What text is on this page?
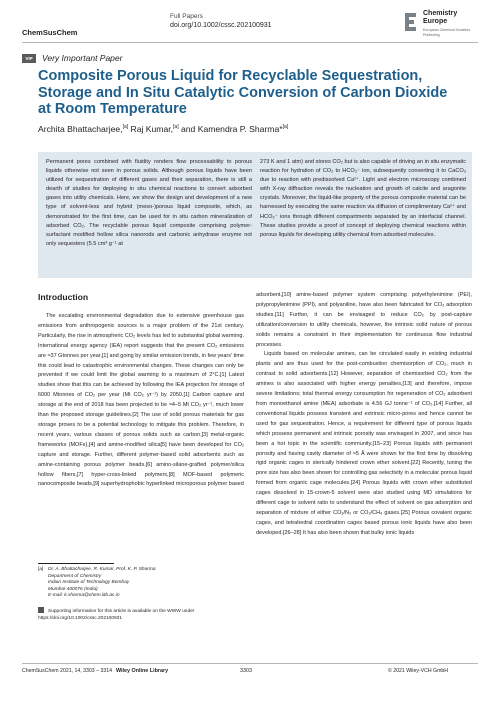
ChemSusChem
Full Papers
doi.org/10.1002/cssc.202100931
Chemistry
Europe
European Chemical Societies Publishing
VIP	Very Important Paper
Composite Porous Liquid for Recyclable Sequestration, Storage and In Situ Catalytic Conversion of Carbon Dioxide at Room Temperature
Archita Bhattacharjee,[a] Raj Kumar,[a] and Kamendra P. Sharma*[a]
Permanent pores combined with fluidity renders flow processability to porous liquids otherwise not seen in porous solids. Although porous liquids have been utilized for sequestration of different gases and their separation, there is still a dearth of studies for deploying in situ chemical reactions to convert adsorbed gases into utility chemicals. Here, we show the design and development of a new type of solvent-less and hybrid (meso-)porous liquid composite, which, as demonstrated for the first time, can be used for in situ carbon mineralization of adsorbed CO₂. The recyclable porous liquid composite comprising polymer-surfactant modified hollow silica nanorods and carbonic anhydrase enzyme not only sequesters (5.5 cm³ g⁻¹ at
273 K and 1 atm) and stores CO₂ but is also capable of driving an in situ enzymatic reaction for hydration of CO₂ to HCO₃⁻ ion, subsequently converting it to CaCO₃ due to reaction with predissolved Ca²⁺. Light and electron microscopy combined with X-ray diffraction reveals the nucleation and growth of calcite and aragonite crystals. Moreover, the liquid-like property of the porous composite material can be harnessed by executing the same reaction via diffusion of complimentary Ca²⁺ and HCO₃⁻ ions through different compartments separated by an interfacial channel. These studies provide a proof of concept of deploying chemical reactions within porous liquids for developing utility chemical from adsorbed molecules.
Introduction

The escalating environmental degradation due to extensive greenhouse gas emissions from anthropogenic sources is a major problem of the 21st century. Particularly, the rise in atmospheric CO₂ levels has led to substantial global warming. International energy agency (IEA) report suggests that the present CO₂ emissions are ≈37 Gtonnes per year,[1] and going by similar emission trends, in few years' time this could lead to catastrophic environmental changes. These changes can only be prevented if we could limit the global warming to a maximum of 2°C.[1] Latest studies show that this can be achieved by following the IEA projection for storage of 6000 Mtonnes of CO₂ per year (Mt CO₂ yr⁻¹) by 2050.[1] Carbon capture and storage at the end of 2018 has been projected to be ≈4–5 Mt CO₂ yr⁻¹, much lower than the proposed storage guidelines.[2] The use of solid porous materials for gas storage proves to be a potential technology to mitigate this problem. Therefore, in recent years, various classes of porous solids such as carbon,[3] metal-organic frameworks (MOFs),[4] and amine-modified silica[5] have been developed for CO₂ capture and storage. Further, different polymer-based solid adsorbents such as amine-containing porous polymer beads,[6] amino-silane-grafted polymer/silica hollow fibers,[7] hyper-cross-linked polymers,[8] MOF-based polymeric nanocomposite beads,[9] superhydrophobic hyperlinked microporous polymer based

adsorbent,[10] amine-based polymer system comprising polyethylenimine (PEI), polypropylenimine (PPI), and polyaniline, have also been fabricated for CO₂ adsorption studies.[11] Further, it can be envisaged to reduce CO₂ by post-capture utilization/conversion to utility chemicals, however, the intrinsic solid nature of porous solids remains a constraint in their implementation for continuous flow industrial processes.

Liquids based on molecular amines, can be circulated easily in existing industrial plants and are thus used for the post-combustion chemisorption of CO₂, much in contrast to solid adsorbents.[12] However, separation of chemisorbed CO₂ from the amines is also associated with higher energy penalties,[13] and therefore, impose severe limitations; total thermal energy consumption for regeneration of CO₂ adsorbent from monoethanol amine (MEA) adsorbate is 4.56 GJ tonne⁻¹ of CO₂.[14] Further, all conventional liquids possess transient and extrinsic micro-pores and hence cannot be used for gas sequestration. Hence, a requirement for different type of porous liquids which possess permanent and intrinsic porosity was envisaged in 2007, and since has been a hot topic in the scientific community.[15–23] Porous liquids with permanent porosity and having cavity diameter of ≈5 Å were shown for the first time by dissolving rigid organic cages in sterically hindered crown ether solvent.[22] Recently, tuning the pore size has also been shown for controlling gas selectivity in a molecular porous liquid formed from organic cage molecules.[24] Porous liquids with crown ether substituted cages dissolved in 15-crown-5 solvent were also studied using MD simulations for different cage to solvent ratio to understand the effect of solvent on gas adsorption and separation of mixture of either CO₂/N₂ or CO₂/CH₄ gases.[25] Porous covalent organic cages, and tetrahedral coordination cages based porous ionic liquids have also been developed.[26–28] It has also been shown that bulky ionic liquids

[a] Dr. A. Bhattacharjee, R. Kumar, Prof. K. P. Sharma
Department of Chemistry
Indian Institute of Technology Bombay
Mumbai-400076 (India)
E-mail: k.sharma@chem.iitb.ac.in
Supporting information for this article is available on the WWW under https://doi.org/10.1002/cssc.202100931
ChemSusChem 2021, 14, 3303 – 3314 Wiley Online Library	3303	© 2021 Wiley-VCH GmbH
